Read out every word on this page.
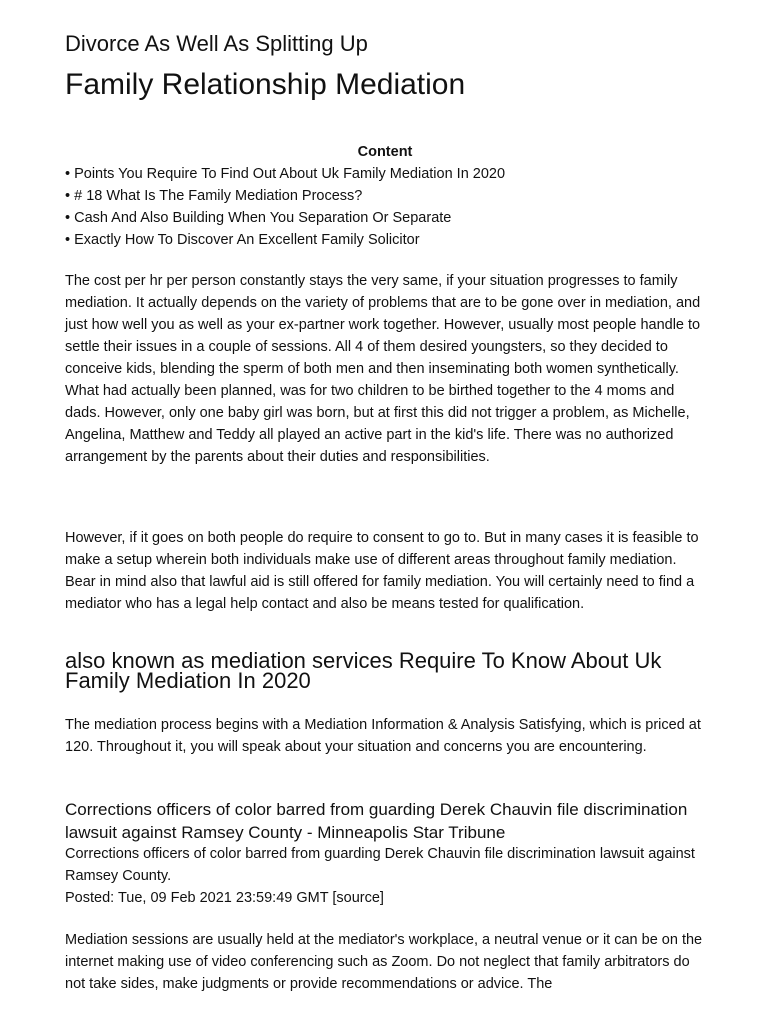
Divorce As Well As Splitting Up
Family Relationship Mediation
Content
• Points You Require To Find Out About Uk Family Mediation In 2020
• # 18 What Is The Family Mediation Process?
• Cash And Also Building When You Separation Or Separate
• Exactly How To Discover An Excellent Family Solicitor

The cost per hr per person constantly stays the very same, if your situation progresses to family mediation. It actually depends on the variety of problems that are to be gone over in mediation, and just how well you as well as your ex-partner work together. However, usually most people handle to settle their issues in a couple of sessions. All 4 of them desired youngsters, so they decided to conceive kids, blending the sperm of both men and then inseminating both women synthetically. What had actually been planned, was for two children to be birthed together to the 4 moms and dads. However, only one baby girl was born, but at first this did not trigger a problem, as Michelle, Angelina, Matthew and Teddy all played an active part in the kid's life. There was no authorized arrangement by the parents about their duties and responsibilities.

However, if it goes on both people do require to consent to go to. But in many cases it is feasible to make a setup wherein both individuals make use of different areas throughout family mediation. Bear in mind also that lawful aid is still offered for family mediation. You will certainly need to find a mediator who has a legal help contact and also be means tested for qualification.

also known as mediation services Require To Know About Uk Family Mediation In 2020

The mediation process begins with a Mediation Information & Analysis Satisfying, which is priced at 120. Throughout it, you will speak about your situation and concerns you are encountering.

Corrections officers of color barred from guarding Derek Chauvin file discrimination lawsuit against Ramsey County - Minneapolis Star Tribune
Corrections officers of color barred from guarding Derek Chauvin file discrimination lawsuit against Ramsey County.
Posted: Tue, 09 Feb 2021 23:59:49 GMT [source]

Mediation sessions are usually held at the mediator's workplace, a neutral venue or it can be on the internet making use of video conferencing such as Zoom. Do not neglect that family arbitrators do not take sides, make judgments or provide recommendations or advice. The
